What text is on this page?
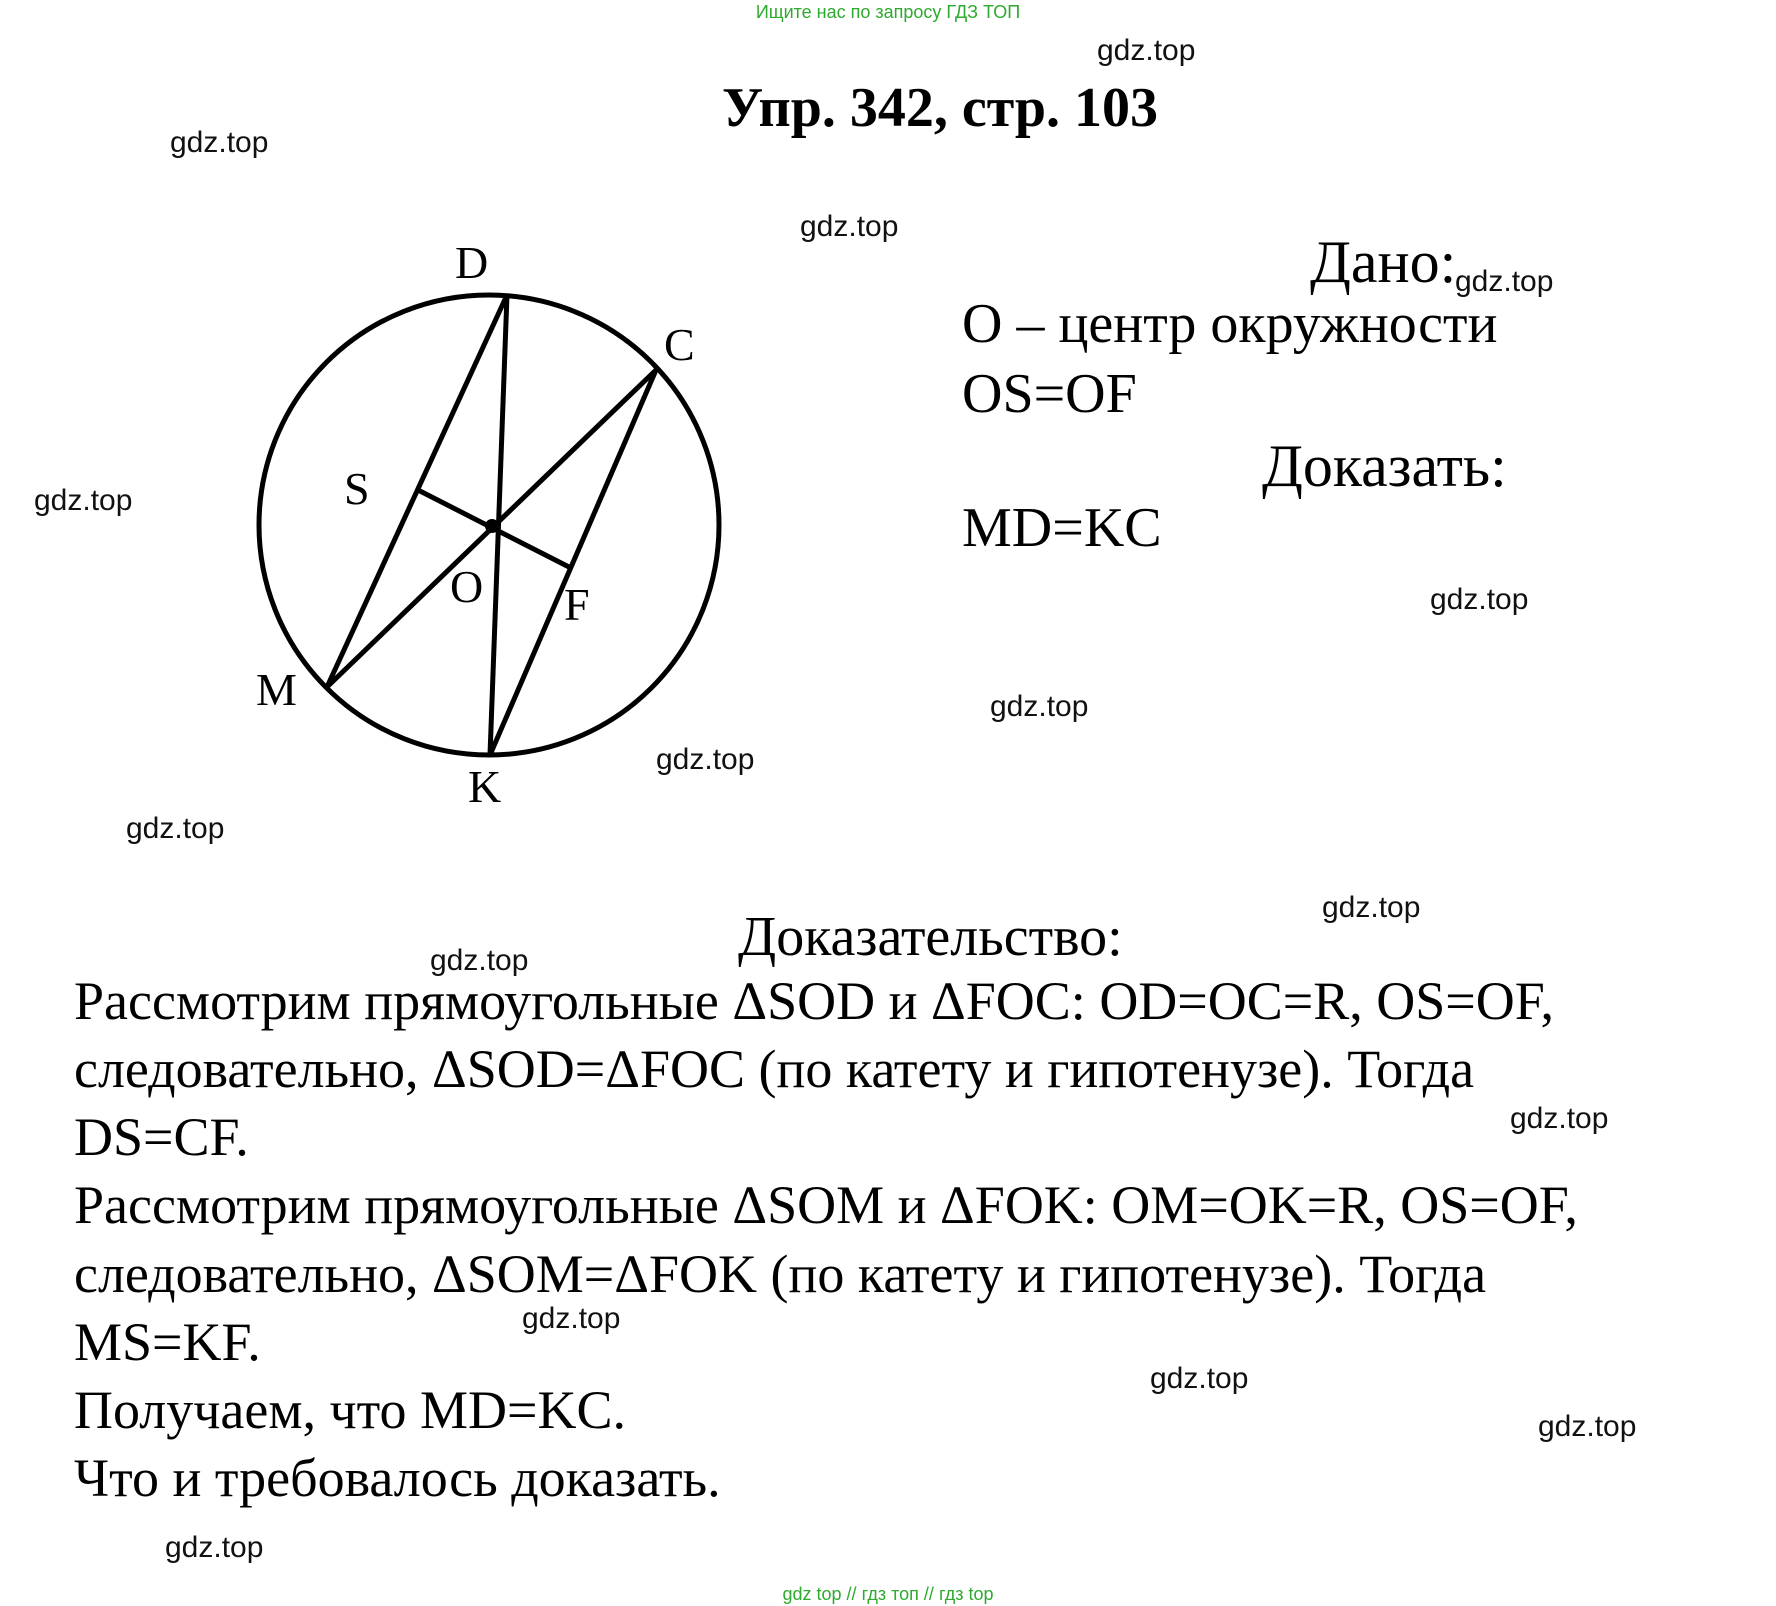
Ищите нас по запросу ГДЗ ТОП
Упр. 342, стр. 103
D
C
S
O F
M
K
Дано:
O – центр окружности
OS=OF
Доказать:
MD=KC
Доказательство:
Рассмотрим прямоугольные ΔSOD и ΔFOC: OD=OC=R, OS=OF,
следовательно, ΔSOD=ΔFOC (по катету и гипотенузе). Тогда
DS=CF.
Рассмотрим прямоугольные ΔSOM и ΔFOK: OM=OK=R, OS=OF,
следовательно, ΔSOM=ΔFOK (по катету и гипотенузе). Тогда
MS=KF.
Получаем, что MD=KC.
Что и требовалось доказать.
gdz.top
gdz.top
gdz.top
gdz.top
gdz.top
gdz.top
gdz.top
gdz.top
gdz.top
gdz.top
gdz.top
gdz.top
gdz.top
gdz.top
gdz.top
gdz.top
gdz top // гдз топ // гдз top
